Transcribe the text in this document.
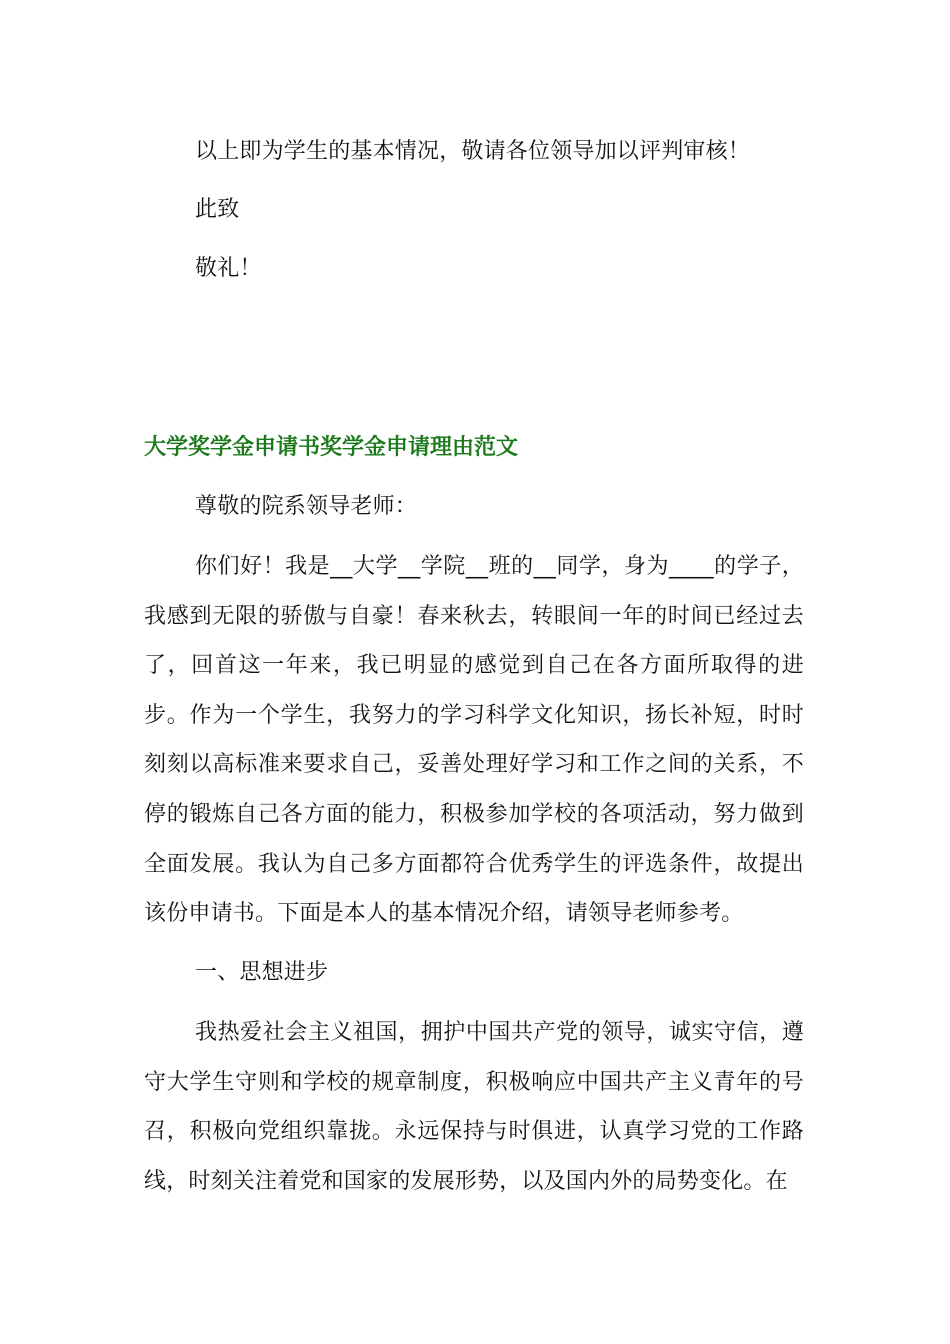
以上即为学生的基本情况，敬请各位领导加以评判审核！
此致
敬礼！
大学奖学金申请书奖学金申请理由范文
尊敬的院系领导老师：
你们好！我是__大学__学院__班的__同学，身为____的学子，我感到无限的骄傲与自豪！春来秋去，转眼间一年的时间已经过去了，回首这一年来，我已明显的感觉到自己在各方面所取得的进步。作为一个学生，我努力的学习科学文化知识，扬长补短，时时刻刻以高标准来要求自己，妥善处理好学习和工作之间的关系，不停的锻炼自己各方面的能力，积极参加学校的各项活动，努力做到全面发展。我认为自己多方面都符合优秀学生的评选条件，故提出该份申请书。下面是本人的基本情况介绍，请领导老师参考。
一、思想进步
我热爱社会主义祖国，拥护中国共产党的领导，诚实守信，遵守大学生守则和学校的规章制度，积极响应中国共产主义青年的号召，积极向党组织靠拢。永远保持与时俱进，认真学习党的工作路线，时刻关注着党和国家的发展形势，以及国内外的局势变化。在
